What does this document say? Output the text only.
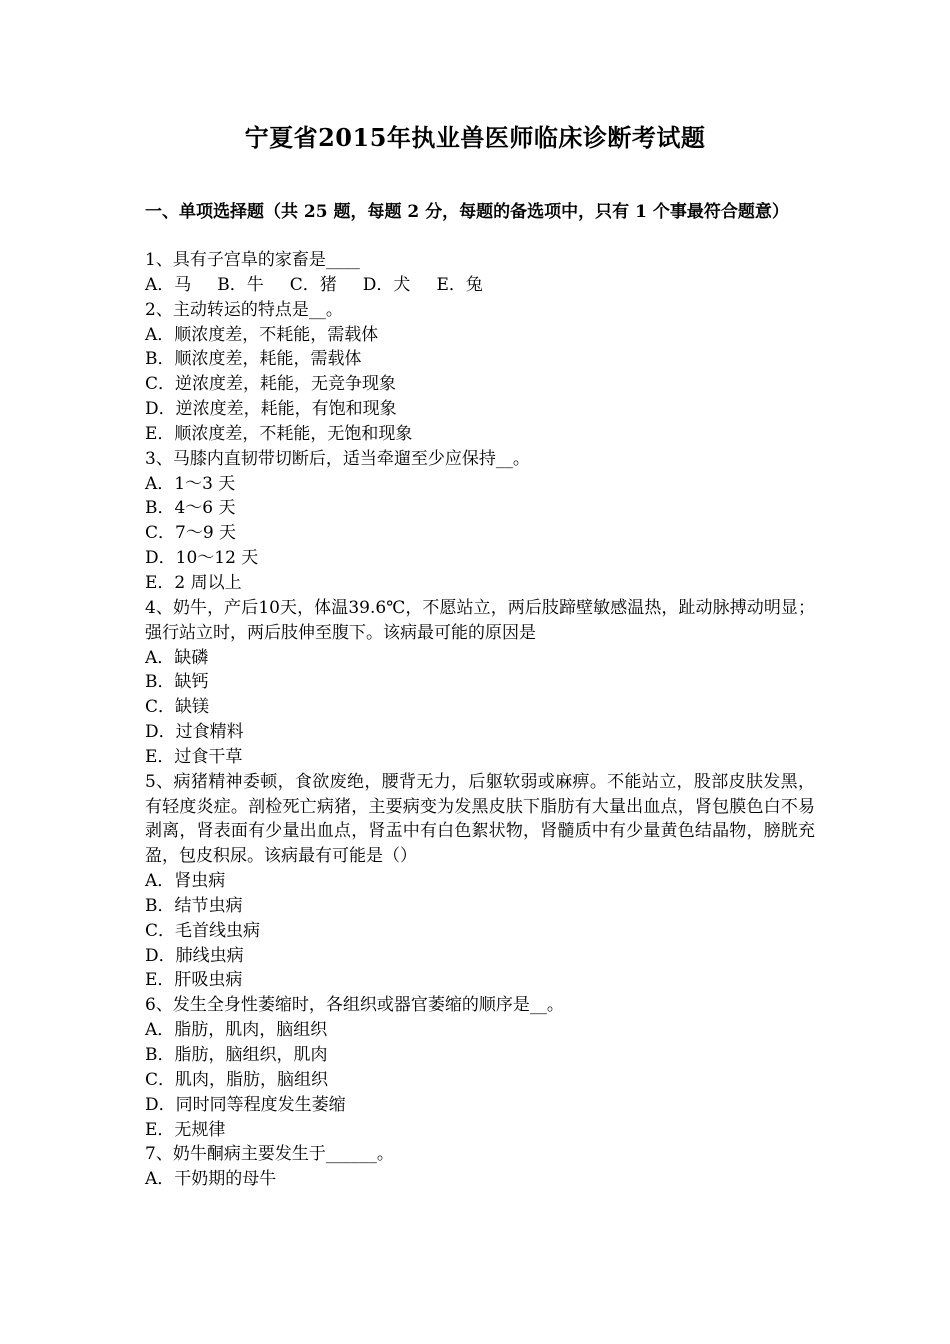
宁夏省2015年执业兽医师临床诊断考试题
一、单项选择题（共 25 题，每题 2 分，每题的备选项中，只有 1 个事最符合题意）
1、具有子宫阜的家畜是____
A．马 B．牛 C．猪 D．犬 E．兔
2、主动转运的特点是__。
A．顺浓度差，不耗能，需载体
B．顺浓度差，耗能，需载体
C．逆浓度差，耗能，无竞争现象
D．逆浓度差，耗能，有饱和现象
E．顺浓度差，不耗能，无饱和现象
3、马膝内直韧带切断后，适当牵遛至少应保持__。
A．1～3 天
B．4～6 天
C．7～9 天
D．10～12 天
E．2 周以上
4、奶牛，产后10天，体温39.6℃，不愿站立，两后肢蹄壁敏感温热，趾动脉搏动明显；强行站立时，两后肢伸至腹下。该病最可能的原因是
A．缺磷
B．缺钙
C．缺镁
D．过食精料
E．过食干草
5、病猪精神委顿，食欲废绝，腰背无力，后躯软弱或麻痹。不能站立，股部皮肤发黑，有轻度炎症。剖检死亡病猪，主要病变为发黑皮肤下脂肪有大量出血点，肾包膜色白不易剥离，肾表面有少量出血点，肾盂中有白色絮状物，肾髓质中有少量黄色结晶物，膀胱充盈，包皮积尿。该病最有可能是（）
A．肾虫病
B．结节虫病
C．毛首线虫病
D．肺线虫病
E．肝吸虫病
6、发生全身性萎缩时，各组织或器官萎缩的顺序是__。
A．脂肪，肌肉，脑组织
B．脂肪，脑组织，肌肉
C．肌肉，脂肪，脑组织
D．同时同等程度发生萎缩
E．无规律
7、奶牛酮病主要发生于______。
A．干奶期的母牛
